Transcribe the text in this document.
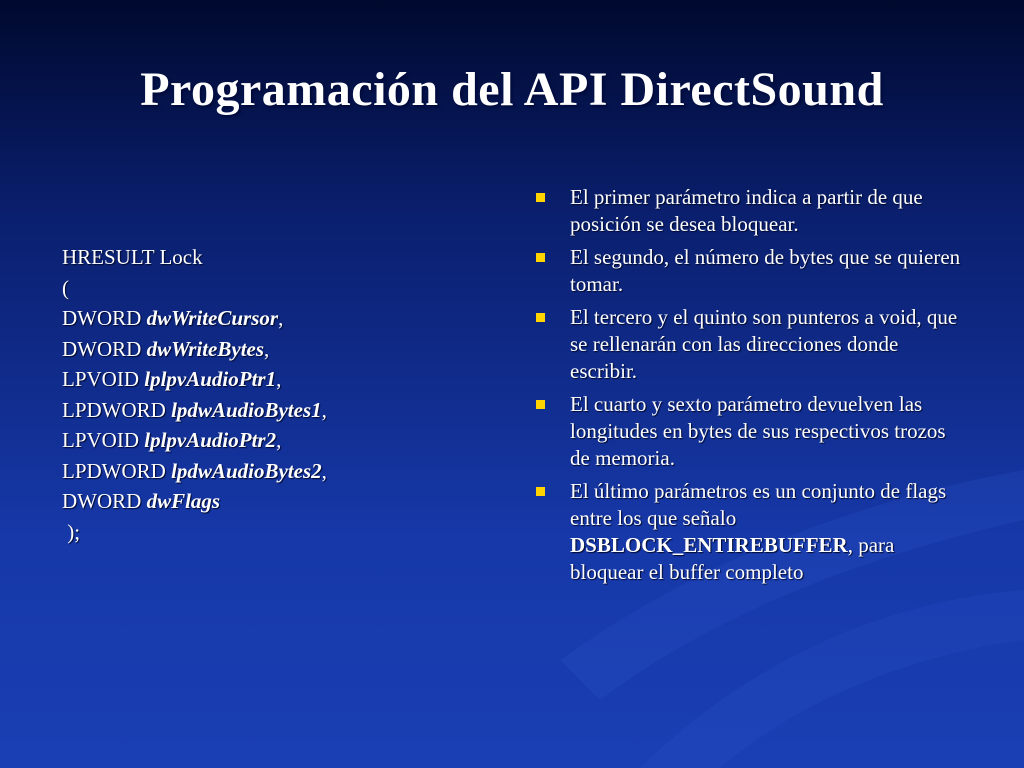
Programación del API DirectSound
HRESULT Lock
(
DWORD dwWriteCursor,
DWORD dwWriteBytes,
LPVOID lplpvAudioPtr1,
LPDWORD lpdwAudioBytes1,
LPVOID lplpvAudioPtr2,
LPDWORD lpdwAudioBytes2,
DWORD dwFlags
);
El primer parámetro indica a partir de que posición se desea bloquear.
El segundo, el número de bytes que se quieren tomar.
El tercero y el quinto son punteros a void, que se rellenarán con las direcciones donde escribir.
El cuarto y sexto parámetro devuelven las longitudes en bytes de sus respectivos trozos de memoria.
El último parámetros es un conjunto de flags entre los que señalo DSBLOCK_ENTIREBUFFER, para bloquear el buffer completo
